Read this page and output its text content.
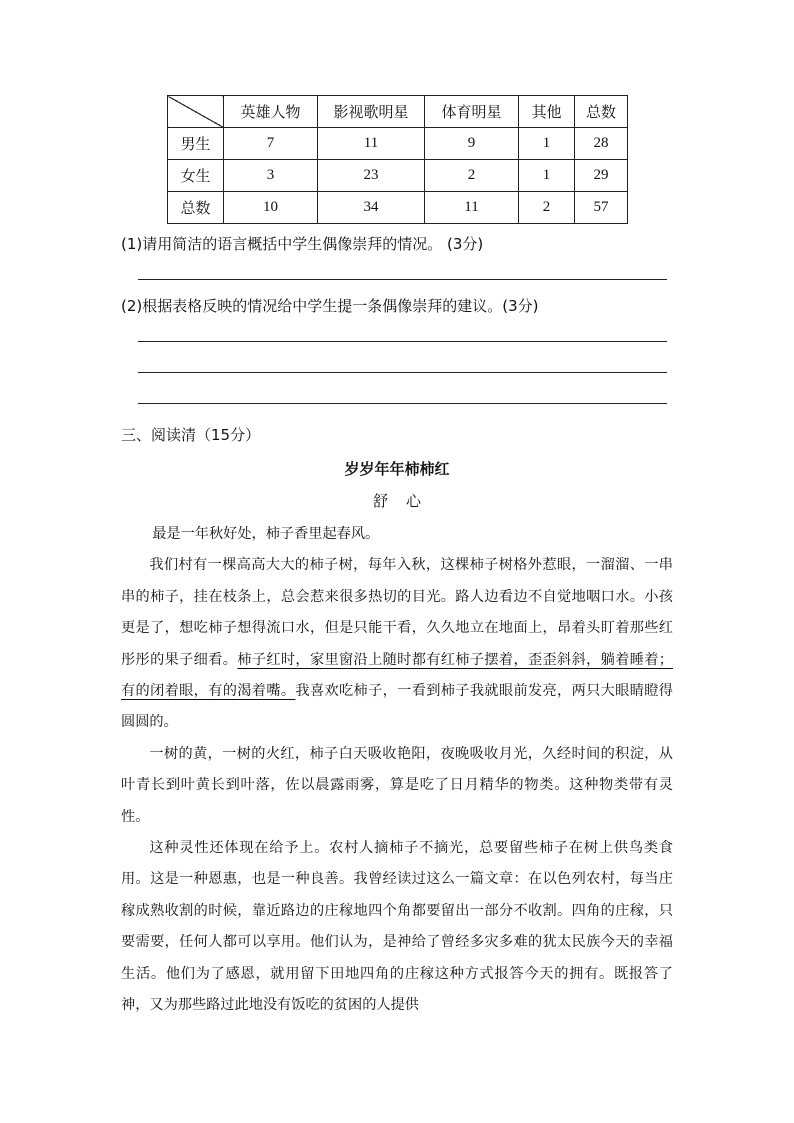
	英雄人物	影视歌明星	体育明星	其他	总数
男生	7	11	9	1	28
女生	3	23	2	1	29
总数	10	34	11	2	57
(1)请用简洁的语言概括中学生偶像崇拜的情况。 (3分)
(2)根据表格反映的情况给中学生提一条偶像崇拜的建议。(3分)
三、阅读清（15分）
岁岁年年柿柿红
舒心

最是一年秋好处，柿子香里起春风。

我们村有一棵高高大大的柿子树，每年入秋，这棵柿子树格外惹眼，一溜溜、一串串的柿子，挂在枝条上，总会惹来很多热切的目光。路人边看边不自觉地咽口水。小孩更是了，想吃柿子想得流口水，但是只能干看，久久地立在地面上，昂着头盯着那些红彤彤的果子细看。柿子红时，家里窗沿上随时都有红柿子摆着，歪歪斜斜，躺着睡着；有的闭着眼，有的渴着嘴。我喜欢吃柿子，一看到柿子我就眼前发亮，两只大眼睛瞪得圆圆的。

一树的黄，一树的火红，柿子白天吸收艳阳，夜晚吸收月光，久经时间的积淀，从叶青长到叶黄长到叶落，佐以晨露雨雾，算是吃了日月精华的物类。这种物类带有灵性。

这种灵性还体现在给予上。农村人摘柿子不摘光，总要留些柿子在树上供鸟类食用。这是一种恩惠，也是一种良善。我曾经读过这么一篇文章：在以色列农村，每当庄稼成熟收割的时候，靠近路边的庄稼地四个角都要留出一部分不收割。四角的庄稼，只要需要，任何人都可以享用。他们认为，是神给了曾经多灾多难的犹太民族今天的幸福生活。他们为了感恩，就用留下田地四角的庄稼这种方式报答今天的拥有。既报答了神，又为那些路过此地没有饭吃的贫困的人提供
